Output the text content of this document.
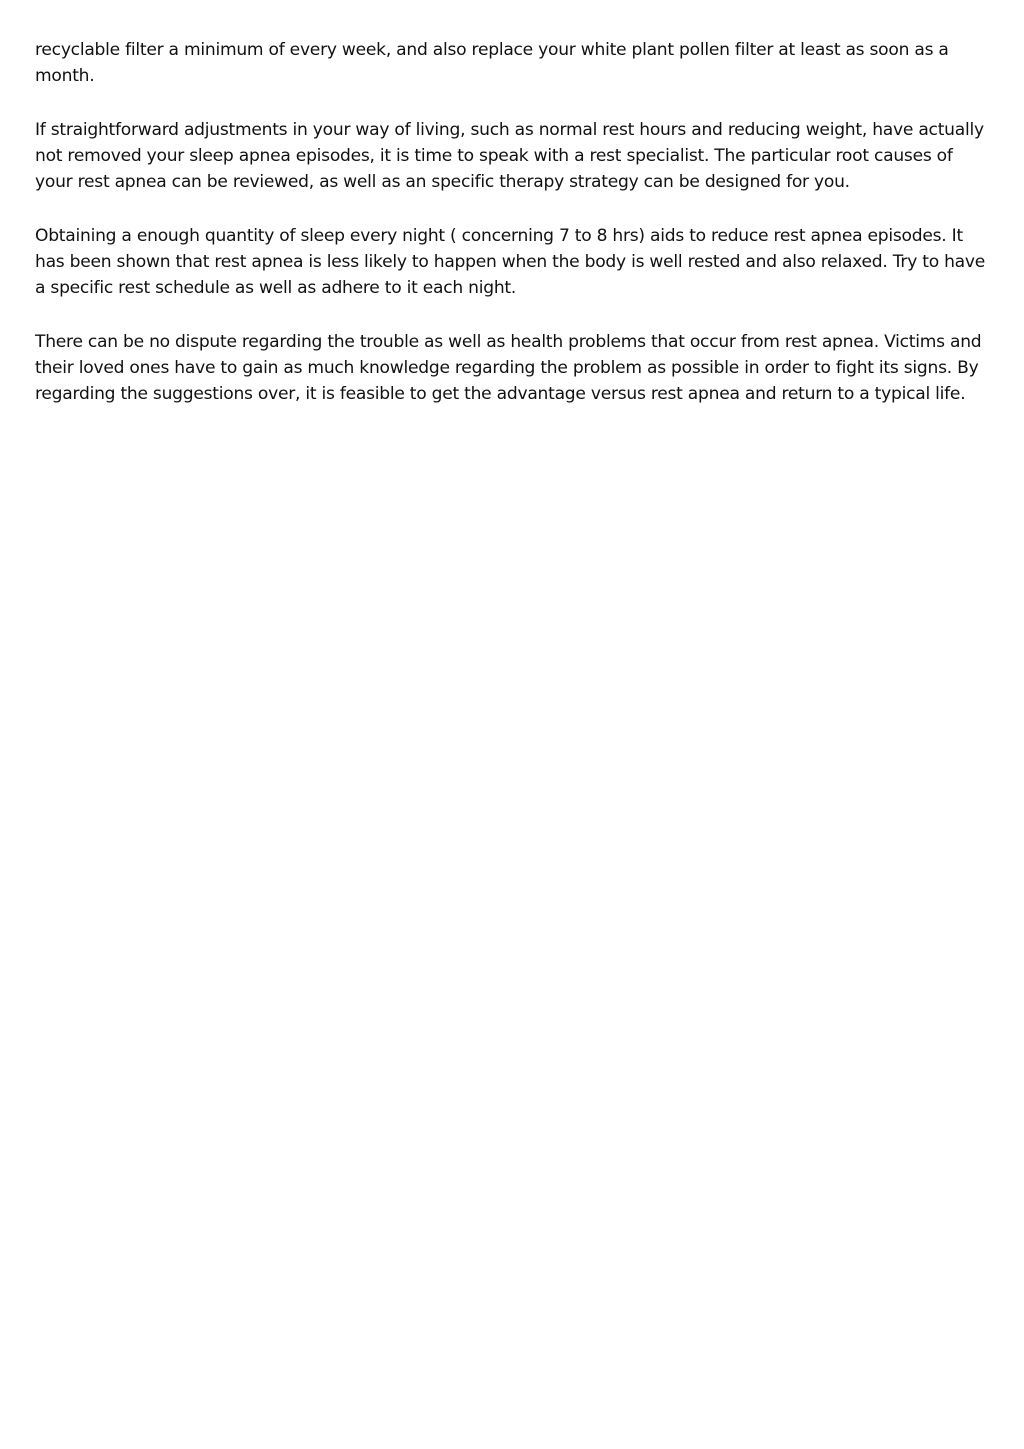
recyclable filter a minimum of every week, and also replace your white plant pollen filter at least as soon as a month.

If straightforward adjustments in your way of living, such as normal rest hours and reducing weight, have actually not removed your sleep apnea episodes, it is time to speak with a rest specialist. The particular root causes of your rest apnea can be reviewed, as well as an specific therapy strategy can be designed for you.

Obtaining a enough quantity of sleep every night ( concerning 7 to 8 hrs) aids to reduce rest apnea episodes. It has been shown that rest apnea is less likely to happen when the body is well rested and also relaxed. Try to have a specific rest schedule as well as adhere to it each night.

There can be no dispute regarding the trouble as well as health problems that occur from rest apnea. Victims and their loved ones have to gain as much knowledge regarding the problem as possible in order to fight its signs. By regarding the suggestions over, it is feasible to get the advantage versus rest apnea and return to a typical life.
